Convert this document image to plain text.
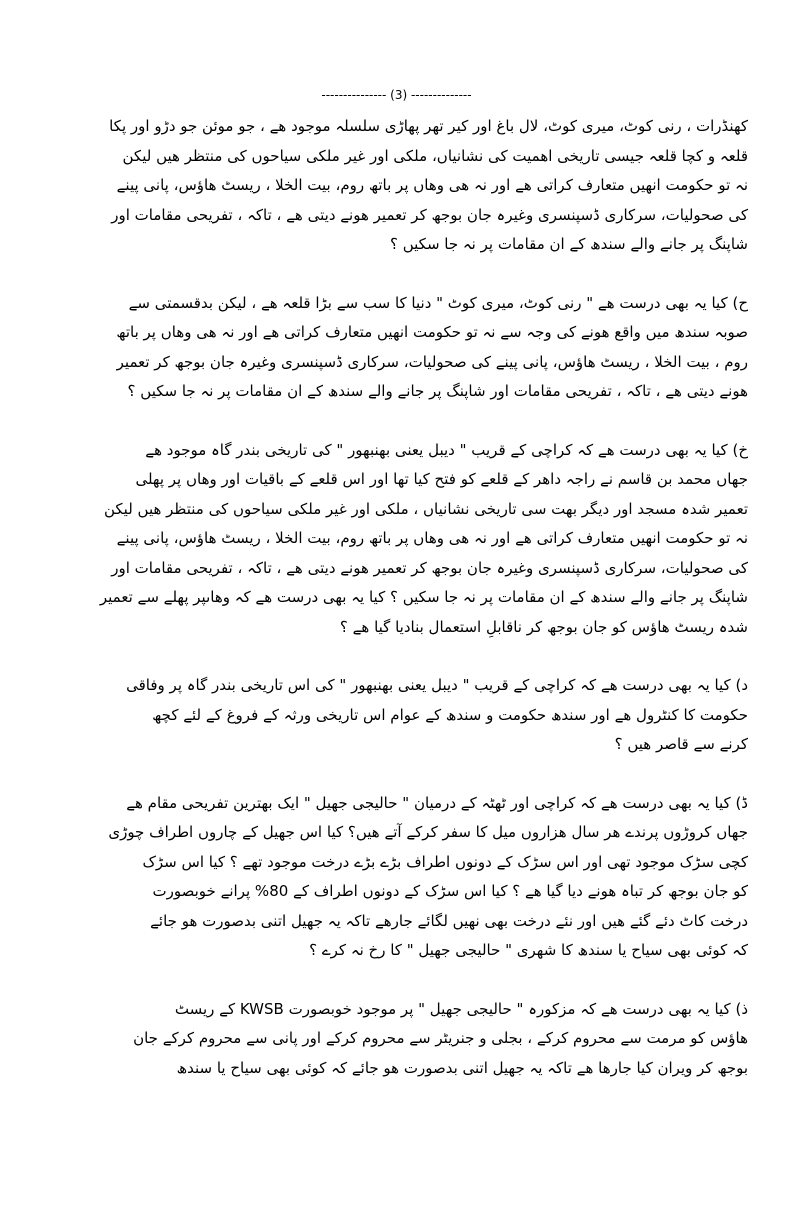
--------------- (3) --------------
کھنڈرات ، رنی کوٹ، میری کوٹ، لال باغ اور کیر تھر پھاڑی سلسلہ موجود ھے ، جو موئن جو دڑو اور پکا
قلعہ و کچا قلعہ جیسی تاریخی اھمیت کی نشانیاں، ملکی اور غیر ملکی سیاحوں کی منتظر ھیں لیکن
نہ تو حکومت انھیں متعارف کراتی ھے اور نہ ھی وھاں پر باتھ روم، بیت الخلا ، ریسٹ ھاؤس، پانی پینے
کی صحولیات، سرکاری ڈسپنسری وغیرہ جان بوجھ کر تعمیر ھونے دیتی ھے ، تاکہ ، تفریحی مقامات اور
شاپنگ پر جانے والے سندھ کے ان مقامات پر نہ جا سکیں ؟
ح) کیا یہ بھی درست ھے " رنی کوٹ، میری کوٹ " دنیا کا سب سے بڑا قلعہ ھے ، لیکن بدقسمتی سے
صوبہ سندھ میں واقع ھونے کی وجہ سے نہ تو حکومت انھیں متعارف کراتی ھے اور نہ ھی وھاں پر باتھ
روم ، بیت الخلا ، ریسٹ ھاؤس، پانی پینے کی صحولیات، سرکاری ڈسپنسری وغیرہ جان بوجھ کر تعمیر
ھونے دیتی ھے ، تاکہ ، تفریحی مقامات اور شاپنگ پر جانے والے سندھ کے ان مقامات پر نہ جا سکیں ؟
خ) کیا یہ بھی درست ھے کہ کراچی کے قریب " دیبل یعنی بھنبھور " کی تاریخی بندر گاہ موجود ھے
جھاں محمد بن قاسم نے راجہ داھر کے قلعے کو فتح کیا تھا اور اس قلعے کے باقیات اور وھاں پر پھلی
تعمیر شدہ مسجد اور دیگر بھت سی تاریخی نشانیاں ، ملکی اور غیر ملکی سیاحوں کی منتظر ھیں لیکن
نہ تو حکومت انھیں متعارف کراتی ھے اور نہ ھی وھاں پر باتھ روم، بیت الخلا ، ریسٹ ھاؤس، پانی پینے
کی صحولیات، سرکاری ڈسپنسری وغیرہ جان بوجھ کر تعمیر ھونے دیتی ھے ، تاکہ ، تفریحی مقامات اور
شاپنگ پر جانے والے سندھ کے ان مقامات پر نہ جا سکیں ؟ کیا یہ بھی درست ھے کہ وھاںپر پھلے سے تعمیر
شدہ ریسٹ ھاؤس کو جان بوجھ کر ناقابلِ استعمال بنادیا گیا ھے ؟
د) کیا یہ بھی درست ھے کہ کراچی کے قریب " دیبل یعنی بھنبھور " کی اس تاریخی بندر گاہ پر وفاقی
حکومت کا کنٹرول ھے اور سندھ حکومت و سندھ کے عوام اس تاریخی ورثہ کے فروغ کے لئے کچھ
کرنے سے قاصر ھیں ؟
ڈ) کیا یہ بھی درست ھے کہ کراچی اور ٹھٹہ کے درمیان " حالیجی جھیل " ایک بھترین تفریحی مقام ھے
جھاں کروڑوں پرندے ھر سال ھزاروں میل کا سفر کرکے آتے ھیں؟ کیا اس جھیل کے چاروں اطراف چوڑی
کچی سڑک موجود تھی اور اس سڑک کے دونوں اطراف بڑے بڑے درخت موجود تھے ؟ کیا اس سڑک
کو جان بوجھ کر تباہ ھونے دیا گیا ھے ؟ کیا اس سڑک کے دونوں اطراف کے 80% پرانے خوبصورت
درخت کاٹ دئے گئے ھیں اور نئے درخت بھی نھیں لگائے جارھے تاکہ یہ جھیل اتنی بدصورت ھو جائے
کہ کوئی بھی سیاح یا سندھ کا شھری " حالیجی جھیل " کا رخ نہ کرے ؟
ذ) کیا یہ بھی درست ھے کہ مزکورہ " حالیجی جھیل " پر موجود خوبصورت KWSB کے ریسٹ
ھاؤس کو مرمت سے محروم کرکے ، بجلی و جنریٹر سے محروم کرکے اور پانی سے محروم کرکے جان
بوجھ کر ویران کیا جارھا ھے تاکہ یہ جھیل اتنی بدصورت ھو جائے کہ کوئی بھی سیاح یا سندھ
